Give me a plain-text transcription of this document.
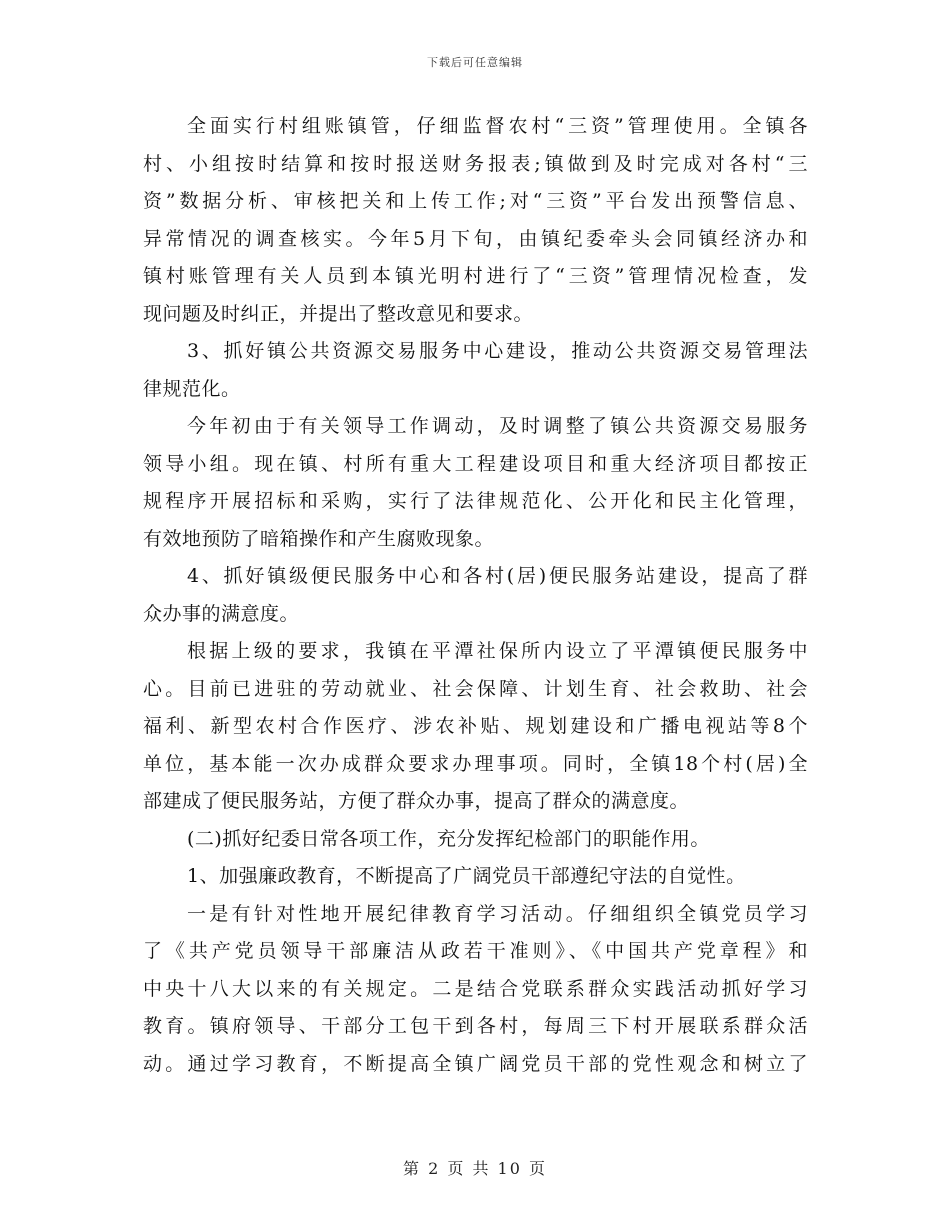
下载后可任意编辑
全面实行村组账镇管，仔细监督农村“三资”管理使用。全镇各
村、小组按时结算和按时报送财务报表;镇做到及时完成对各村“三
资”数据分析、审核把关和上传工作;对“三资”平台发出预警信息、
异常情况的调查核实。今年5月下旬，由镇纪委牵头会同镇经济办和
镇村账管理有关人员到本镇光明村进行了“三资”管理情况检查，发
现问题及时纠正，并提出了整改意见和要求。
3、抓好镇公共资源交易服务中心建设，推动公共资源交易管理法
律规范化。
今年初由于有关领导工作调动，及时调整了镇公共资源交易服务
领导小组。现在镇、村所有重大工程建设项目和重大经济项目都按正
规程序开展招标和采购，实行了法律规范化、公开化和民主化管理，
有效地预防了暗箱操作和产生腐败现象。
4、抓好镇级便民服务中心和各村(居)便民服务站建设，提高了群
众办事的满意度。
根据上级的要求，我镇在平潭社保所内设立了平潭镇便民服务中
心。目前已进驻的劳动就业、社会保障、计划生育、社会救助、社会
福利、新型农村合作医疗、涉农补贴、规划建设和广播电视站等8个
单位，基本能一次办成群众要求办理事项。同时，全镇18个村(居)全
部建成了便民服务站，方便了群众办事，提高了群众的满意度。
(二)抓好纪委日常各项工作，充分发挥纪检部门的职能作用。
1、加强廉政教育，不断提高了广阔党员干部遵纪守法的自觉性。
一是有针对性地开展纪律教育学习活动。仔细组织全镇党员学习
了《共产党员领导干部廉洁从政若干准则》、《中国共产党章程》和
中央十八大以来的有关规定。二是结合党联系群众实践活动抓好学习
教育。镇府领导、干部分工包干到各村，每周三下村开展联系群众活
动。通过学习教育，不断提高全镇广阔党员干部的党性观念和树立了
第 2 页 共 10 页
